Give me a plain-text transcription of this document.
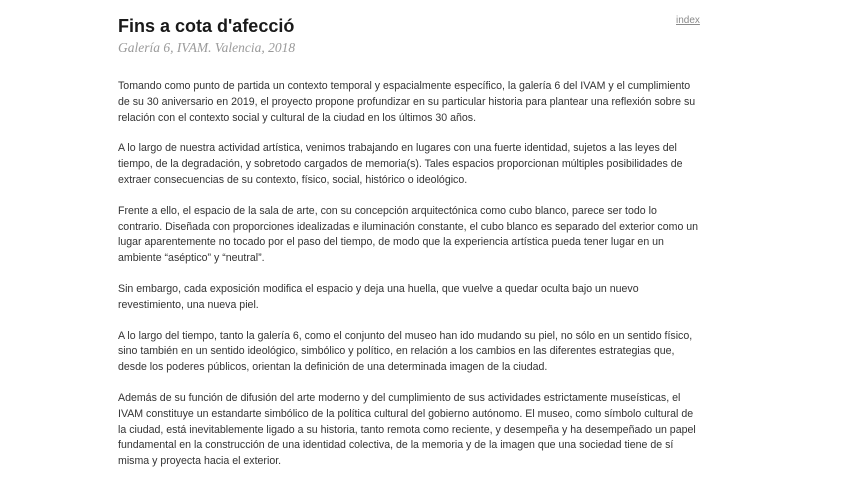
index
Fins a cota d'afecció
Galería 6, IVAM. Valencia, 2018

Tomando como punto de partida un contexto temporal y espacialmente específico, la galería 6 del IVAM y el cumplimiento de su 30 aniversario en 2019, el proyecto propone profundizar en su particular historia para plantear una reflexión sobre su relación con el contexto social y cultural de la ciudad en los últimos 30 años.

A lo largo de nuestra actividad artística, venimos trabajando en lugares con una fuerte identidad, sujetos a las leyes del tiempo, de la degradación, y sobretodo cargados de memoria(s). Tales espacios proporcionan múltiples posibilidades de extraer consecuencias de su contexto, físico, social, histórico o ideológico.

Frente a ello, el espacio de la sala de arte, con su concepción arquitectónica como cubo blanco, parece ser todo lo contrario. Diseñada con proporciones idealizadas e iluminación constante, el cubo blanco es separado del exterior como un lugar aparentemente no tocado por el paso del tiempo, de modo que la experiencia artística pueda tener lugar en un ambiente “aséptico” y “neutral”.

Sin embargo, cada exposición modifica el espacio y deja una huella, que vuelve a quedar oculta bajo un nuevo revestimiento, una nueva piel.

A lo largo del tiempo, tanto la galería 6, como el conjunto del museo han ido mudando su piel, no sólo en un sentido físico, sino también en un sentido ideológico, simbólico y político, en relación a los cambios en las diferentes estrategias que, desde los poderes públicos, orientan la definición de una determinada imagen de la ciudad.

Además de su función de difusión del arte moderno y del cumplimiento de sus actividades estrictamente museísticas, el IVAM constituye un estandarte simbólico de la política cultural del gobierno autónomo. El museo, como símbolo cultural de la ciudad, está inevitablemente ligado a su historia, tanto remota como reciente, y desempeña y ha desempeñado un papel fundamental en la construcción de una identidad colectiva, de la memoria y de la imagen que una sociedad tiene de sí misma y proyecta hacia el exterior.
